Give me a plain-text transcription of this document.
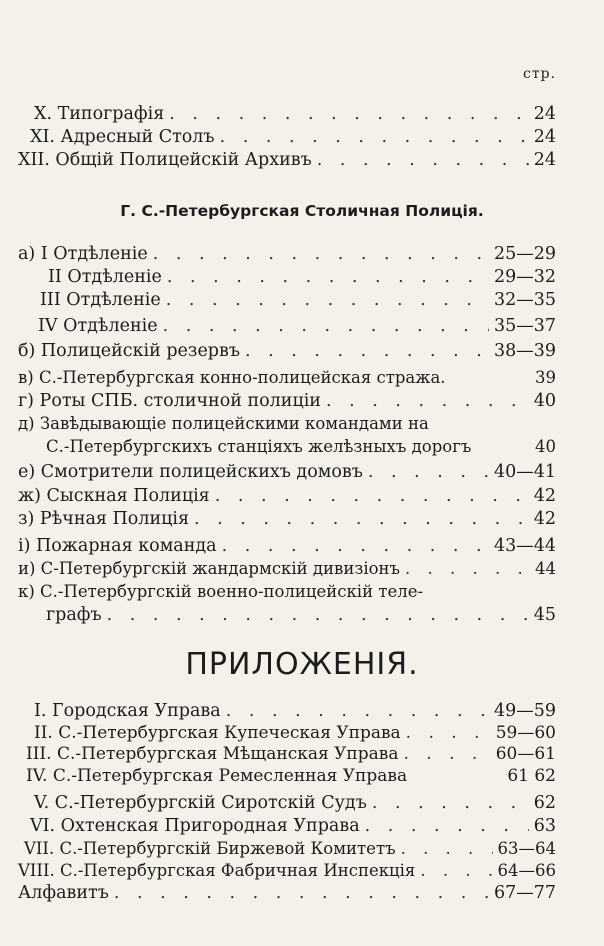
стр.
X. Типографія . . .	24
XI. Адресный Столъ . . .	24
XII. Общій Полицейскій Архивъ . . .	24
Г. С.-Петербургская Столичная Полиція.
а) I Отдѣленіе . . .	25—29
II Отдѣленіе . . .	29—32
III Отдѣленіе . . .	32—35
IV Отдѣленіе . . .	35—37
б) Полицейскій резервъ . . .	38—39
в) С.-Петербургская конно-полицейская стража.	39
г) Роты СПБ. столичной полиціи . . .	40
д) Завѣдывающіе полицейскими командами на
С.-Петербургскихъ станціяхъ желѣзныхъ дорогъ	40
е) Смотрители полицейскихъ домовъ . . .	40—41
ж) Сыскная Полиція . . .	42
з) Рѣчная Полиція . . .	42
і) Пожарная команда . . .	43—44
и) С-Петербургскій жандармскій дивизіонъ . . .	44
к) С.-Петербургскій военно-полицейскій теле-
графъ . . .	45
ПРИЛОЖЕНІЯ.
I. Городская Управа . . .	49—59
II. С.-Петербургская Купеческая Управа . . .	59—60
III. С.-Петербургская Мѣщанская Управа . . .	60—61
IV. С.-Петербургская Ремесленная Управа	61 62
V. С.-Петербургскій Сиротскій Судъ . . .	62
VI. Охтенская Пригородная Управа . . .	63
VII. С.-Петербургскій Биржевой Комитетъ . . .	63—64
VIII. С.-Петербургская Фабричная Инспекція . . .	64—66
Алфавитъ . . .	67—77
